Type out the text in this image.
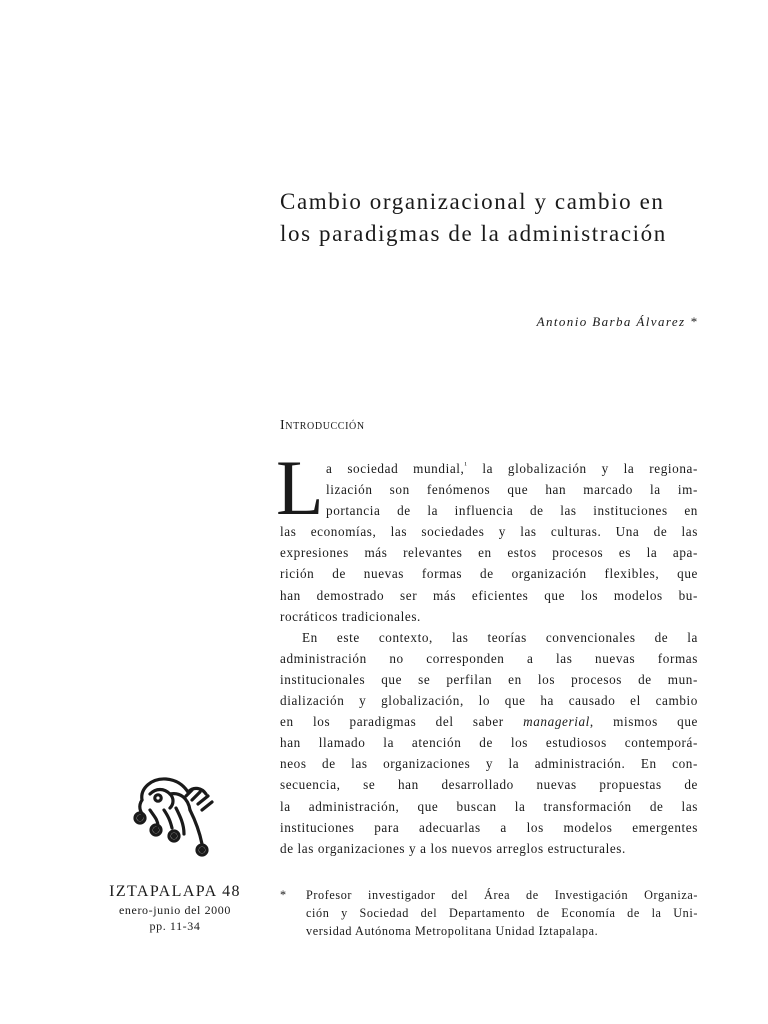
Cambio organizacional y cambio en
los paradigmas de la administración
Antonio Barba Álvarez *
Introducción
L a sociedad mundial,$^{^1}$ la globalización y la regiona-
lización son fenómenos que han marcado la im-
portancia de la influencia de las instituciones en
las economías, las sociedades y las culturas. Una de las
expresiones más relevantes en estos procesos es la apa-
rición de nuevas formas de organización flexibles, que
han demostrado ser más eficientes que los modelos bu-
rocráticos tradicionales.
En este contexto, las teorías convencionales de la
administración no corresponden a las nuevas formas
institucionales que se perfilan en los procesos de mun-
dialización y globalización, lo que ha causado el cambio
en los paradigmas del saber managerial, mismos que
han llamado la atención de los estudiosos contemporá-
neos de las organizaciones y la administración. En con-
secuencia, se han desarrollado nuevas propuestas de
la administración, que buscan la transformación de las
instituciones para adecuarlas a los modelos emergentes
de las organizaciones y a los nuevos arreglos estructurales.
IZTAPALAPA 48
enero-junio del 2000
pp. 11-34
* Profesor investigador del Área de Investigación Organiza-
ción y Sociedad del Departamento de Economía de la Uni-
versidad Autónoma Metropolitana Unidad Iztapalapa.
